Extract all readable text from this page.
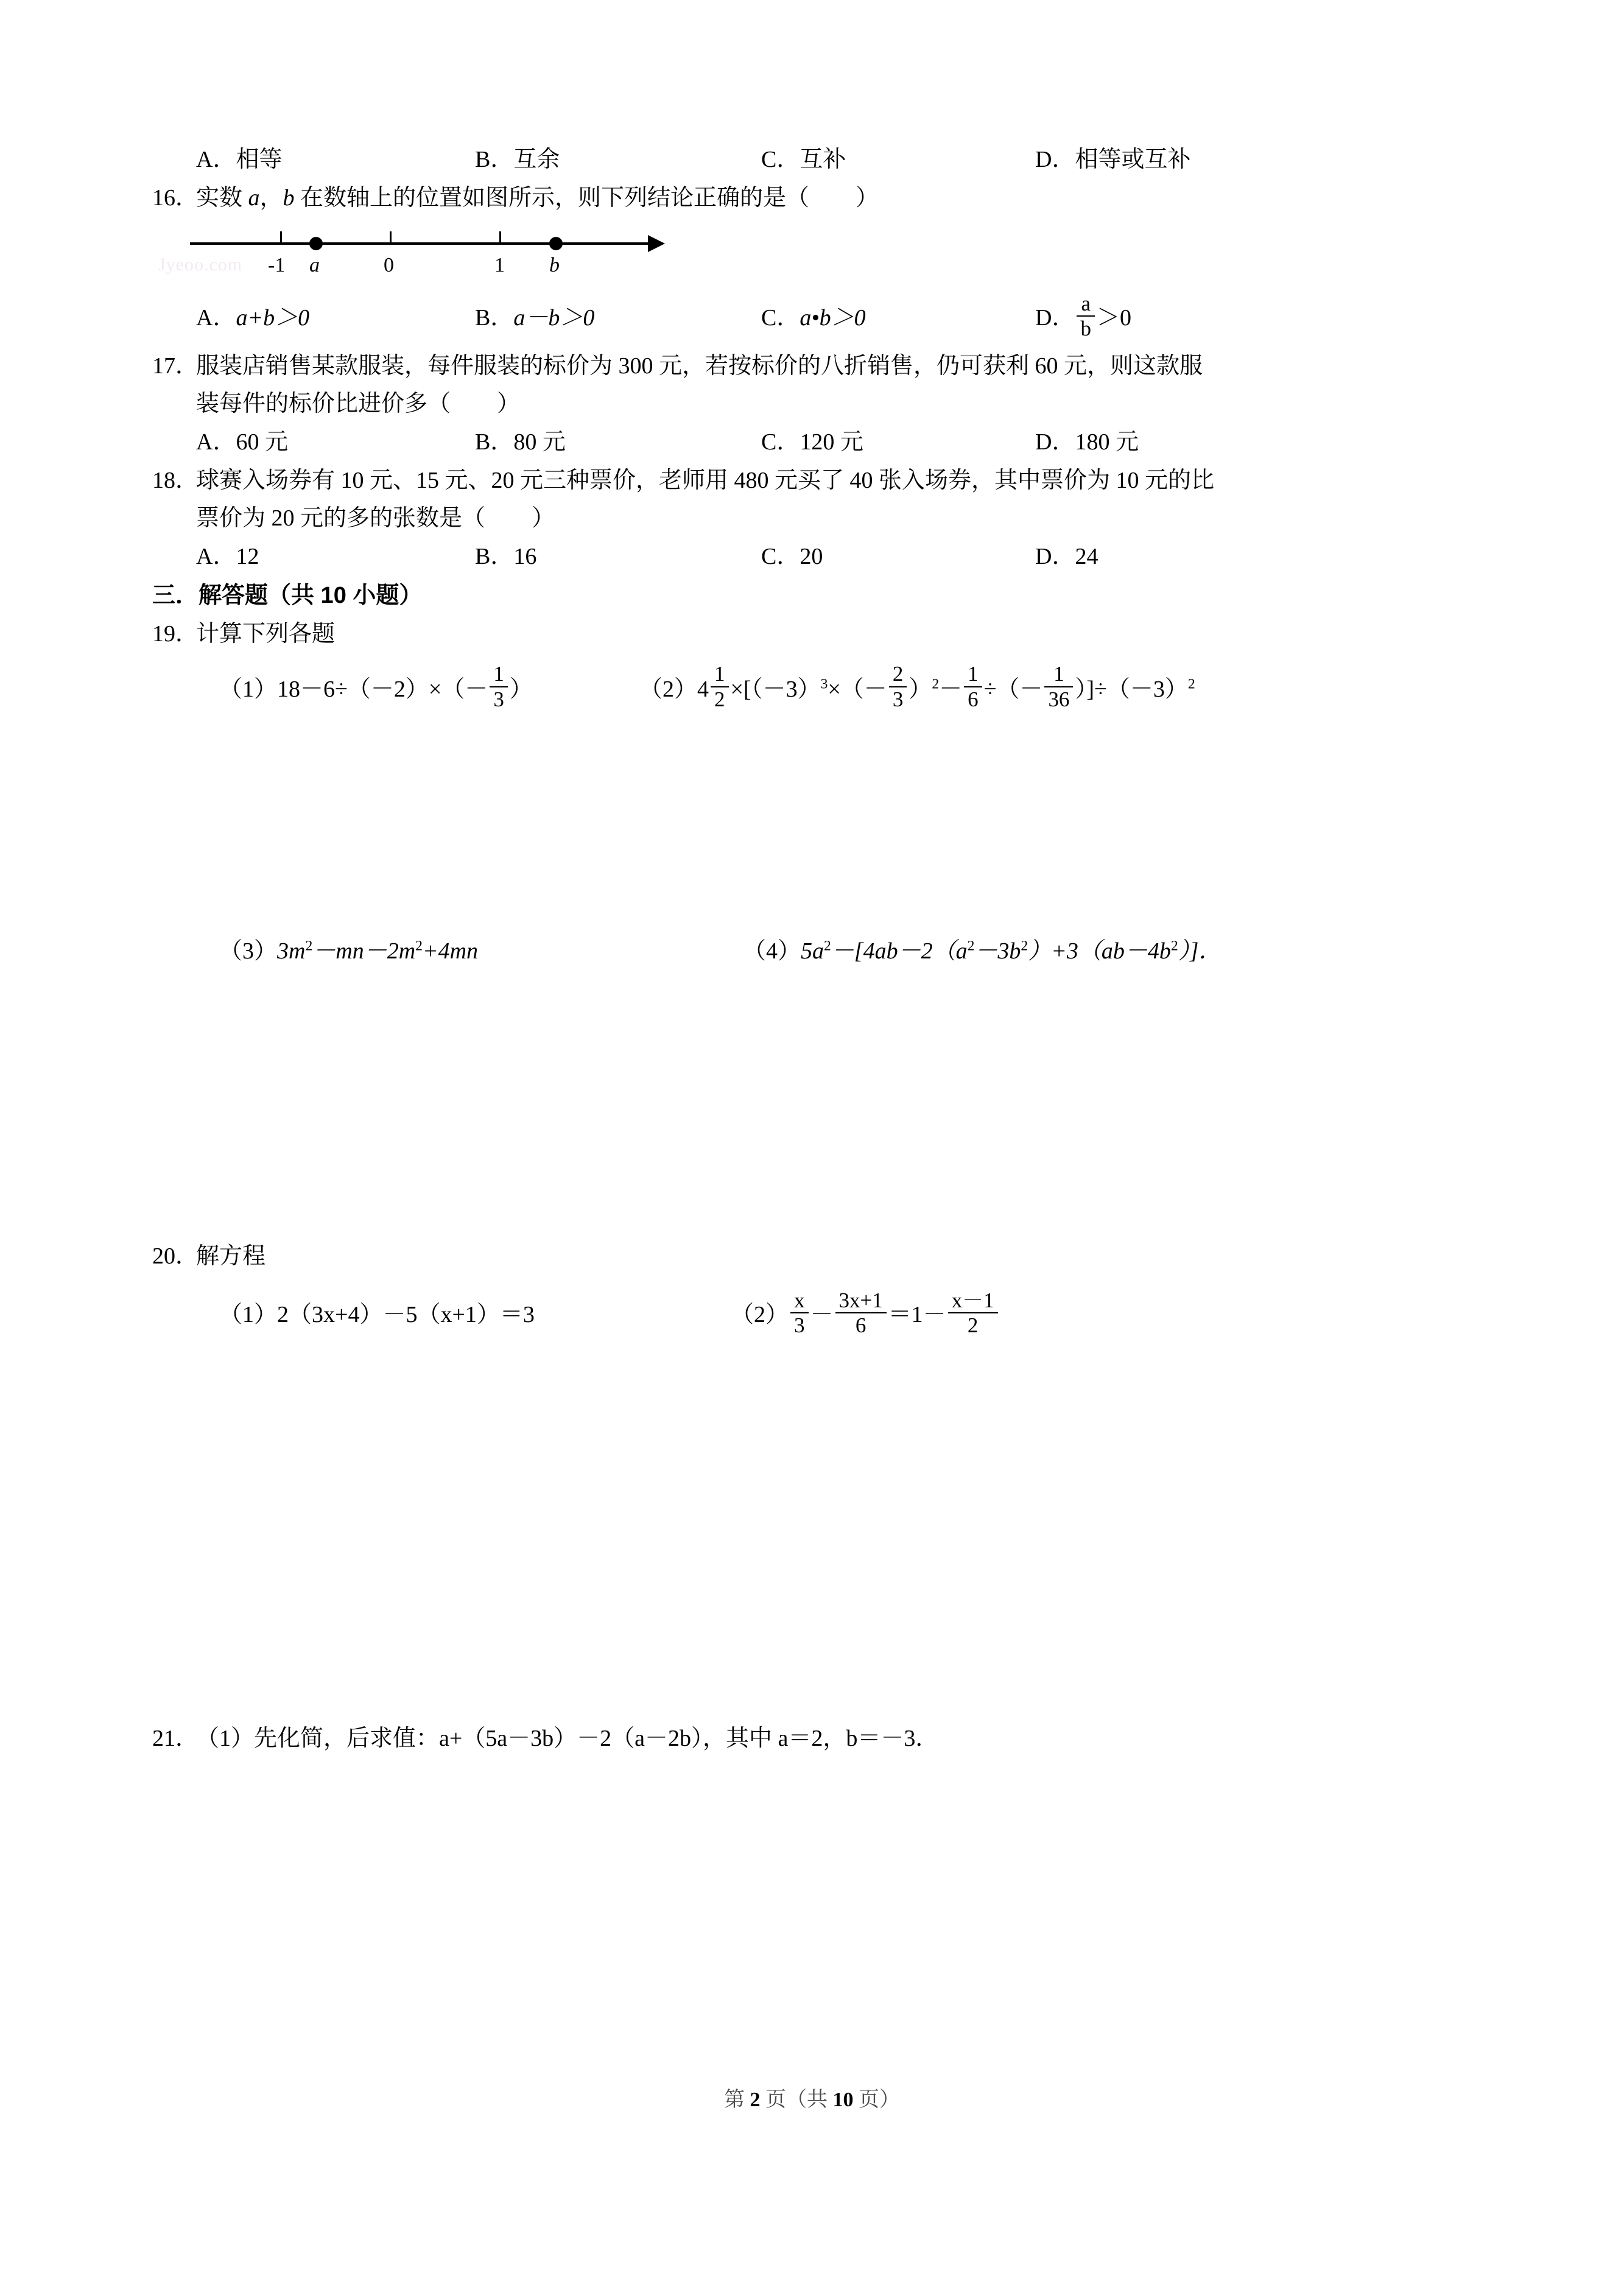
A．相等	B．互余	C．互补	D．相等或互补
16．实数 a，b 在数轴上的位置如图所示，则下列结论正确的是（　　）
Jyeoo.com -1 a	0	1 b
A．a+b＞0	B．a－b＞0	C．a•b＞0	D． $\frac{a}{b} >0$
17．服装店销售某款服装，每件服装的标价为 300 元，若按标价的八折销售，仍可获利 60 元，则这款服
装每件的标价比进价多（　　）
A．60 元	B．80 元	C．120 元	D．180 元
18．球赛入场券有 10 元、15 元、20 元三种票价，老师用 480 元买了 40 张入场券，其中票价为 10 元的比
票价为 20 元的多的张数是（　　）
A．12	B．16	C．20	D．24
三．解答题（共 10 小题）
19．计算下列各题
$(1)18-6\div(-2)\times(- \frac{1}{3}$ ）	$(2)4 \frac{1}{2} \times[(-3)^3\times(- \frac{2}{3} )^2- \frac{1}{6}$ ÷（－ $\frac{1}{36} )]\div(-3)^2$
$(3)3m^2-mn-2m^2+4mn$	$(4)5a^2-[4ab-2(a^2-3b^2)+3(ab-4b^2)]$．
20．解方程
（1）2（3x+4）－5（x+1）＝3	$(2) \frac{x}{3} - \frac{3x+1}{6} =1- \frac{x-1}{2}$
21．（1）先化简，后求值：a+（5a－3b）－2（a－2b），其中 a＝2，b＝－3．
第 2 页（共 10 页）
